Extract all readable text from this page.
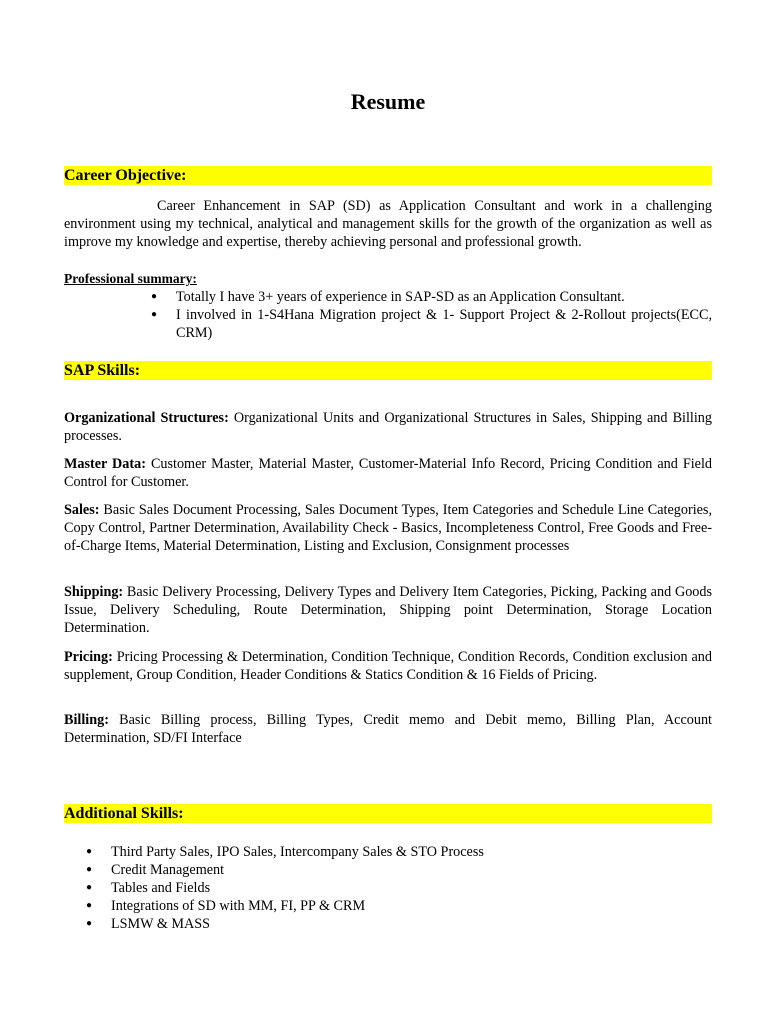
Resume
Career Objective:
Career Enhancement in SAP (SD) as Application Consultant and work in a challenging environment using my technical, analytical and management skills for the growth of the organization as well as improve my knowledge and expertise, thereby achieving personal and professional growth.
Professional summary:
● Totally I have 3+ years of experience in SAP-SD as an Application Consultant.
● I involved in 1-S4Hana Migration project & 1- Support Project & 2-Rollout projects(ECC, CRM)
SAP Skills:
Organizational Structures: Organizational Units and Organizational Structures in Sales, Shipping and Billing processes.
Master Data: Customer Master, Material Master, Customer-Material Info Record, Pricing Condition and Field Control for Customer.
Sales: Basic Sales Document Processing, Sales Document Types, Item Categories and Schedule Line Categories, Copy Control, Partner Determination, Availability Check - Basics, Incompleteness Control, Free Goods and Free-of-Charge Items, Material Determination, Listing and Exclusion, Consignment processes
Shipping: Basic Delivery Processing, Delivery Types and Delivery Item Categories, Picking, Packing and Goods Issue, Delivery Scheduling, Route Determination, Shipping point Determination, Storage Location Determination.
Pricing: Pricing Processing & Determination, Condition Technique, Condition Records, Condition exclusion and supplement, Group Condition, Header Conditions & Statics Condition & 16 Fields of Pricing.
Billing: Basic Billing process, Billing Types, Credit memo and Debit memo, Billing Plan, Account Determination, SD/FI Interface
Additional Skills:
● Third Party Sales, IPO Sales, Intercompany Sales & STO Process
● Credit Management
● Tables and Fields
● Integrations of SD with MM, FI, PP & CRM
● LSMW & MASS
